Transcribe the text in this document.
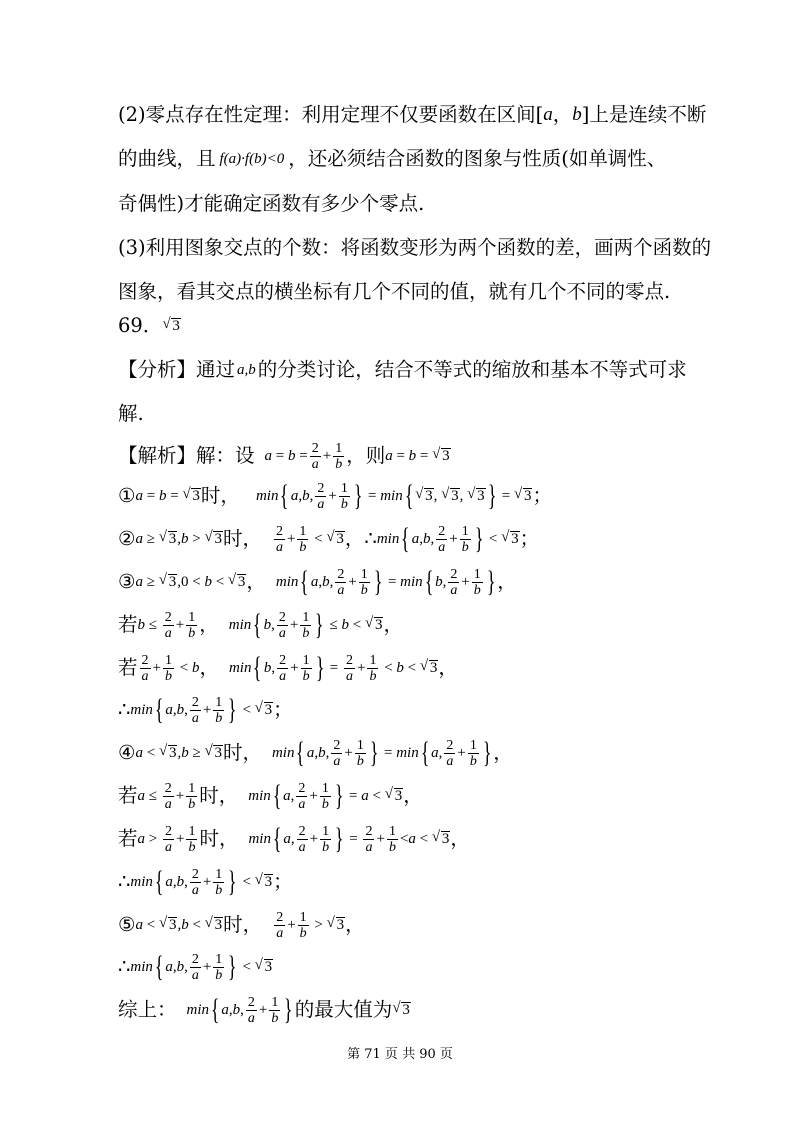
(2)零点存在性定理：利用定理不仅要函数在区间[ a ， b ]上是连续不断
的曲线，且 f(a)·f(b)<0 ，还必须结合函数的图象与性质(如单调性、
奇偶性)才能确定函数有多少个零点.
(3)利用图象交点的个数：将函数变形为两个函数的差，画两个函数的
图象，看其交点的横坐标有几个不同的值，就有几个不同的零点.
69． √ 3
【分析】 通过 a,b 的分类讨论，结合不等式的缩放和基本不等式可求
解.
【解析】 解：设 $a = b = \frac{2}{a} + \frac{1}{b}$ ，则 a = b = √ 3
① a = b = √ 3 时， min { a , b , $\frac{2}{a} + \frac{1}{b}$ } = min { √ 3 , √ 3 , √ 3 } = √ 3 ；
② a ≥ √ 3 , b > √ 3 时， $\frac{2}{a} + \frac{1}{b}$ < √ 3 ， ∴ min { a , b , $\frac{2}{a} + \frac{1}{b}$ } < √ 3 ；
③ a ≥ √ 3 ,0 < b < √ 3 ， min { a , b , $\frac{2}{a} + \frac{1}{b}$ } = min { b , $\frac{2}{a} + \frac{1}{b}$ } ，
若 $b \le \frac{2}{a} + \frac{1}{b}$ ， min { b , $\frac{2}{a} + \frac{1}{b}$ } ≤ b < √ 3 ，
若 $\frac{2}{a} + \frac{1}{b} < b$ ， min { b , $\frac{2}{a} + \frac{1}{b}$ } = $\frac{2}{a} + \frac{1}{b} < b$ < √ 3 ，
∴ min { a , b , $\frac{2}{a} + \frac{1}{b}$ } < √ 3 ；
④ a < √ 3 , b ≥ √ 3 时， min { a , b , $\frac{2}{a} + \frac{1}{b}$ } = min { a , $\frac{2}{a} + \frac{1}{b}$ } ，
若 $a \le \frac{2}{a} + \frac{1}{b}$ 时， min { a , $\frac{2}{a} + \frac{1}{b}$ } = a < √ 3 ，
若 $a > \frac{2}{a} + \frac{1}{b}$ 时， min { a , $\frac{2}{a} + \frac{1}{b}$ } = $\frac{2}{a} + \frac{1}{b} < a$ < √ 3 ，
∴ min { a , b , $\frac{2}{a} + \frac{1}{b}$ } < √ 3 ；
⑤ a < √ 3 , b < √ 3 时， $\frac{2}{a} + \frac{1}{b}$ > √ 3 ，
∴ min { a , b , $\frac{2}{a} + \frac{1}{b}$ } < √ 3
综上： min { a , b , $\frac{2}{a} + \frac{1}{b}$ } 的最大值为 √ 3
第 71 页 共 90 页
